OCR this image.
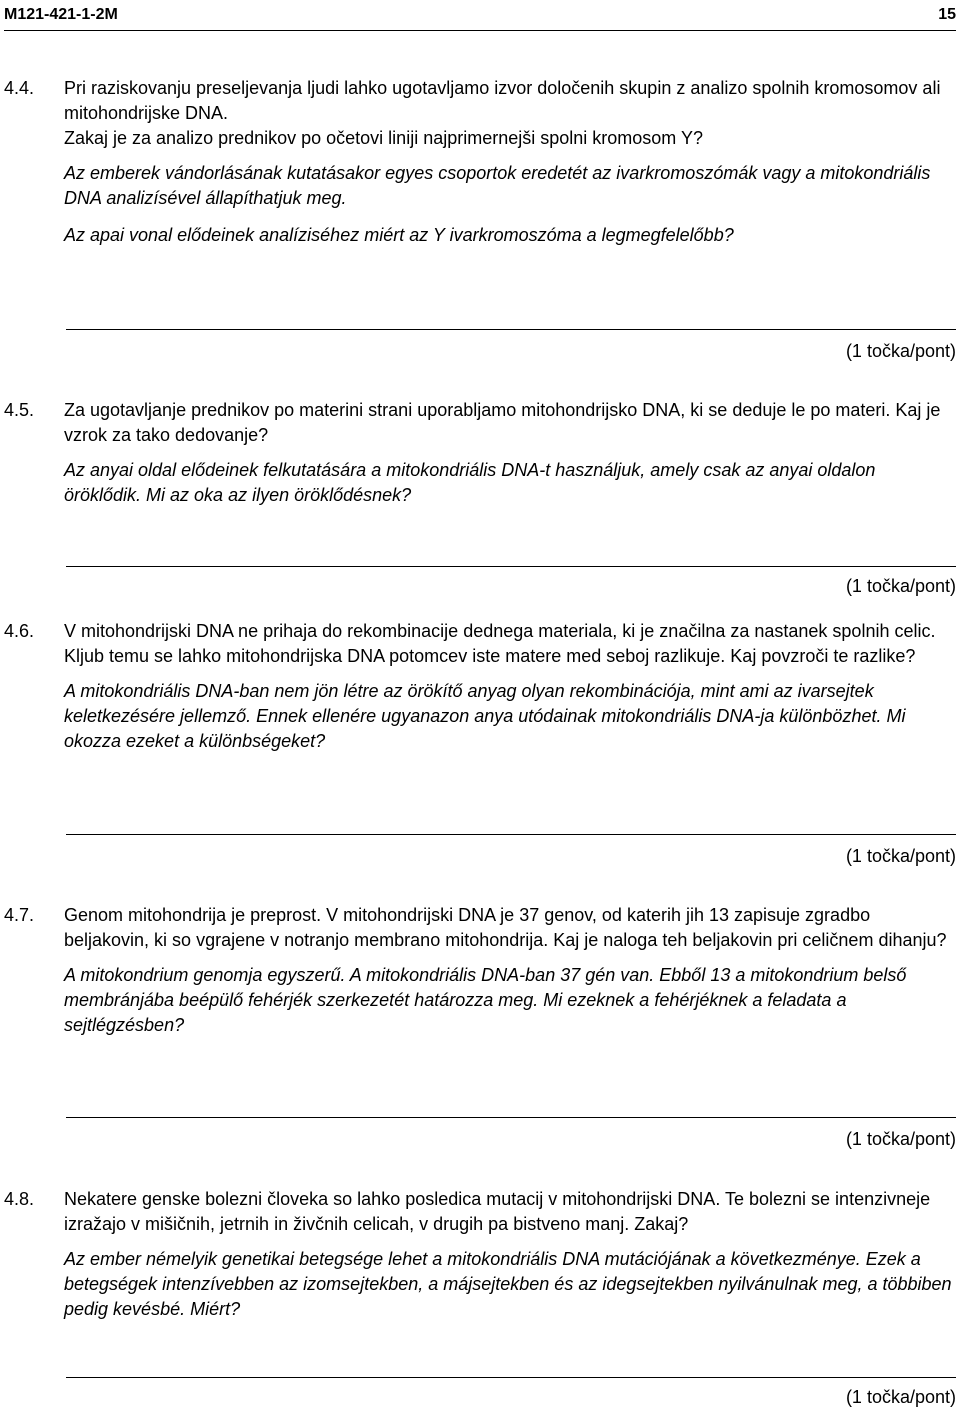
M121-421-1-2M	15
4.4. Pri raziskovanju preseljevanja ljudi lahko ugotavljamo izvor določenih skupin z analizo spolnih kromosomov ali mitohondrijske DNA.

Zakaj je za analizo prednikov po očetovi liniji najprimernejši spolni kromosom Y?

Az emberek vándorlásának kutatásakor egyes csoportok eredetét az ivarkromoszómák vagy a mitokondriális DNA analizísével állapíthatjuk meg.

Az apai vonal elődeinek analíziséhez miért az Y ivarkromoszóma a legmegfelelőbb?

(1 točka/pont)
4.5. Za ugotavljanje prednikov po materini strani uporabljamo mitohondrijsko DNA, ki se deduje le po materi. Kaj je vzrok za tako dedovanje?

Az anyai oldal elődeinek felkutatására a mitokondriális DNA-t használjuk, amely csak az anyai oldalon öröklődik. Mi az oka az ilyen öröklődésnek?

(1 točka/pont)
4.6. V mitohondrijski DNA ne prihaja do rekombinacije dednega materiala, ki je značilna za nastanek spolnih celic. Kljub temu se lahko mitohondrijska DNA potomcev iste matere med seboj razlikuje. Kaj povzroči te razlike?

A mitokondriális DNA-ban nem jön létre az örökítő anyag olyan rekombinációja, mint ami az ivarsejtek keletkezésére jellemző. Ennek ellenére ugyanazon anya utódainak mitokondriális DNA-ja különbözhet. Mi okozza ezeket a különbségeket?

(1 točka/pont)
4.7. Genom mitohondrija je preprost. V mitohondrijski DNA je 37 genov, od katerih jih 13 zapisuje zgradbo beljakovin, ki so vgrajene v notranjo membrano mitohondrija. Kaj je naloga teh beljakovin pri celičnem dihanju?

A mitokondrium genomja egyszerű. A mitokondriális DNA-ban 37 gén van. Ebből 13 a mitokondrium belső membránjába beépülő fehérjék szerkezetét határozza meg. Mi ezeknek a fehérjéknek a feladata a sejtlégzésben?

(1 točka/pont)
4.8. Nekatere genske bolezni človeka so lahko posledica mutacij v mitohondrijski DNA. Te bolezni se intenzivneje izražajo v mišičnih, jetrnih in živčnih celicah, v drugih pa bistveno manj. Zakaj?

Az ember némelyik genetikai betegsége lehet a mitokondriális DNA mutációjának a következménye. Ezek a betegségek intenzívebben az izomsejtekben, a májsejtekben és az idegsejtekben nyilvánulnak meg, a többiben pedig kevésbé. Miért?

(1 točka/pont)
